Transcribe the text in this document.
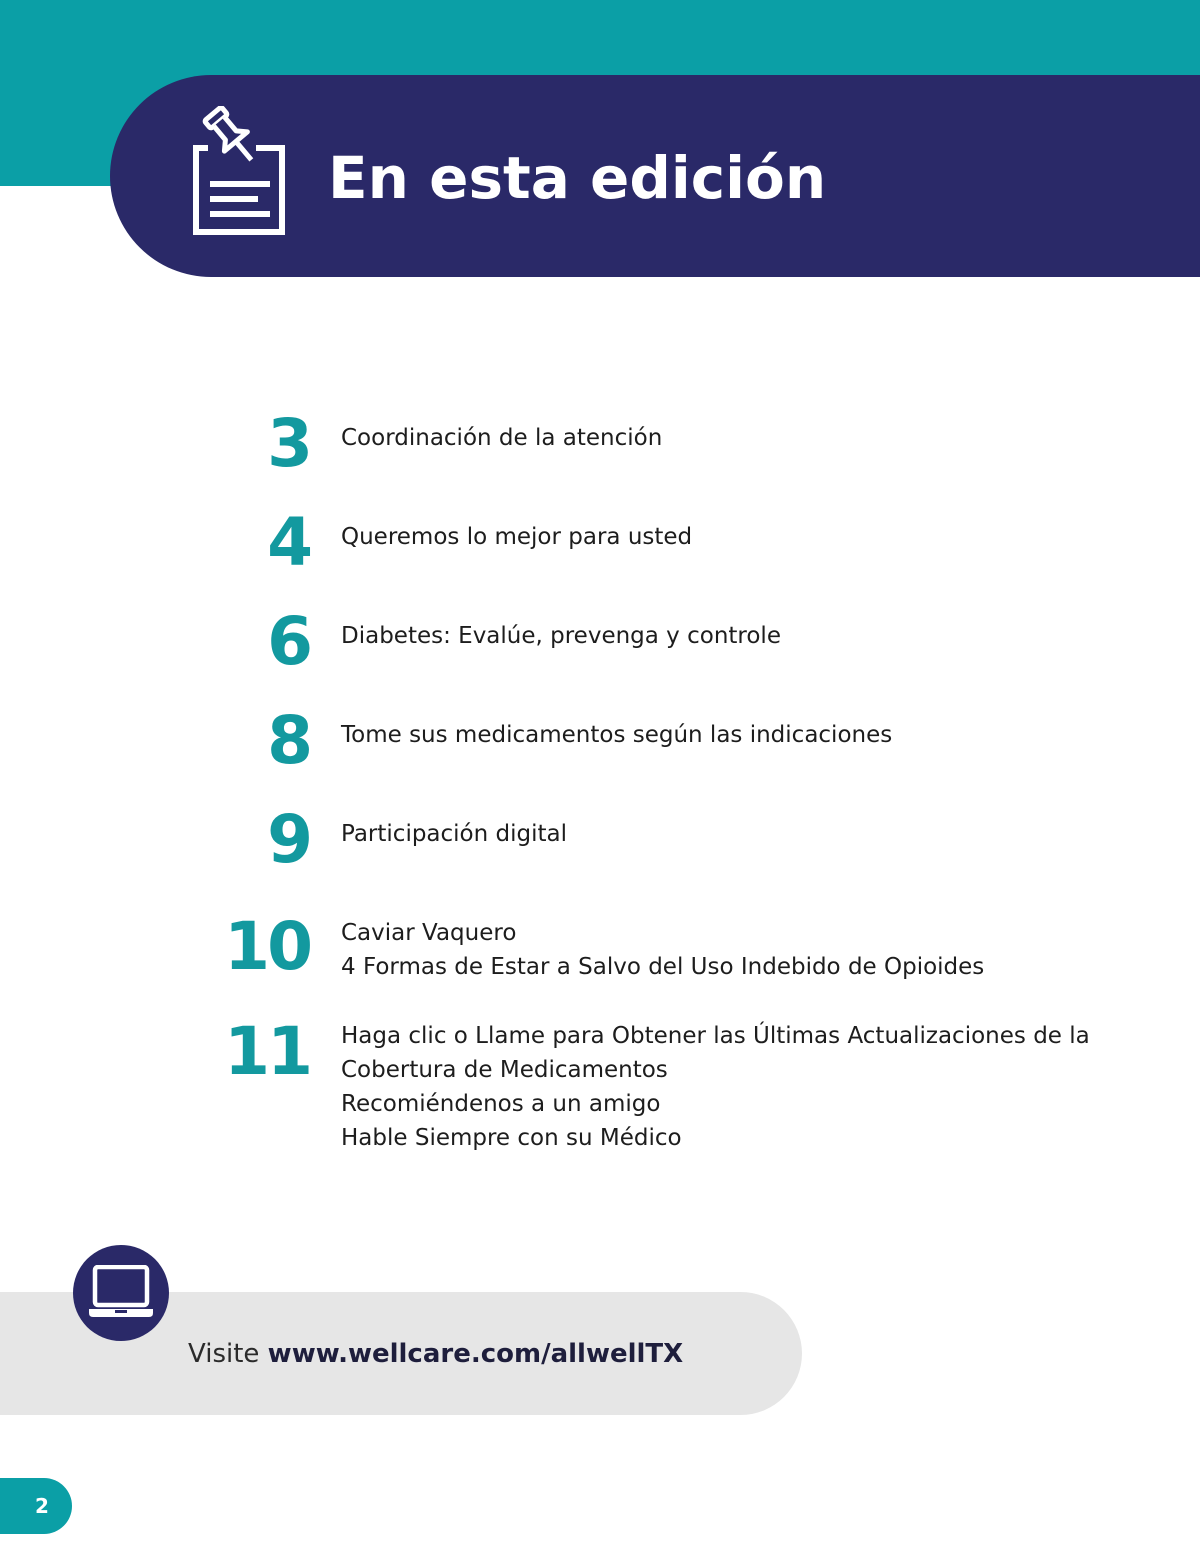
En esta edición
3 Coordinación de la atención
4 Queremos lo mejor para usted
6 Diabetes: Evalúe, prevenga y controle
8 Tome sus medicamentos según las indicaciones
9 Participación digital
10 Caviar Vaquero
4 Formas de Estar a Salvo del Uso Indebido de Opioides
11 Haga clic o Llame para Obtener las Últimas Actualizaciones de la
Cobertura de Medicamentos
Recomiéndenos a un amigo
Hable Siempre con su Médico
Visite www.wellcare.com/allwellTX
2
